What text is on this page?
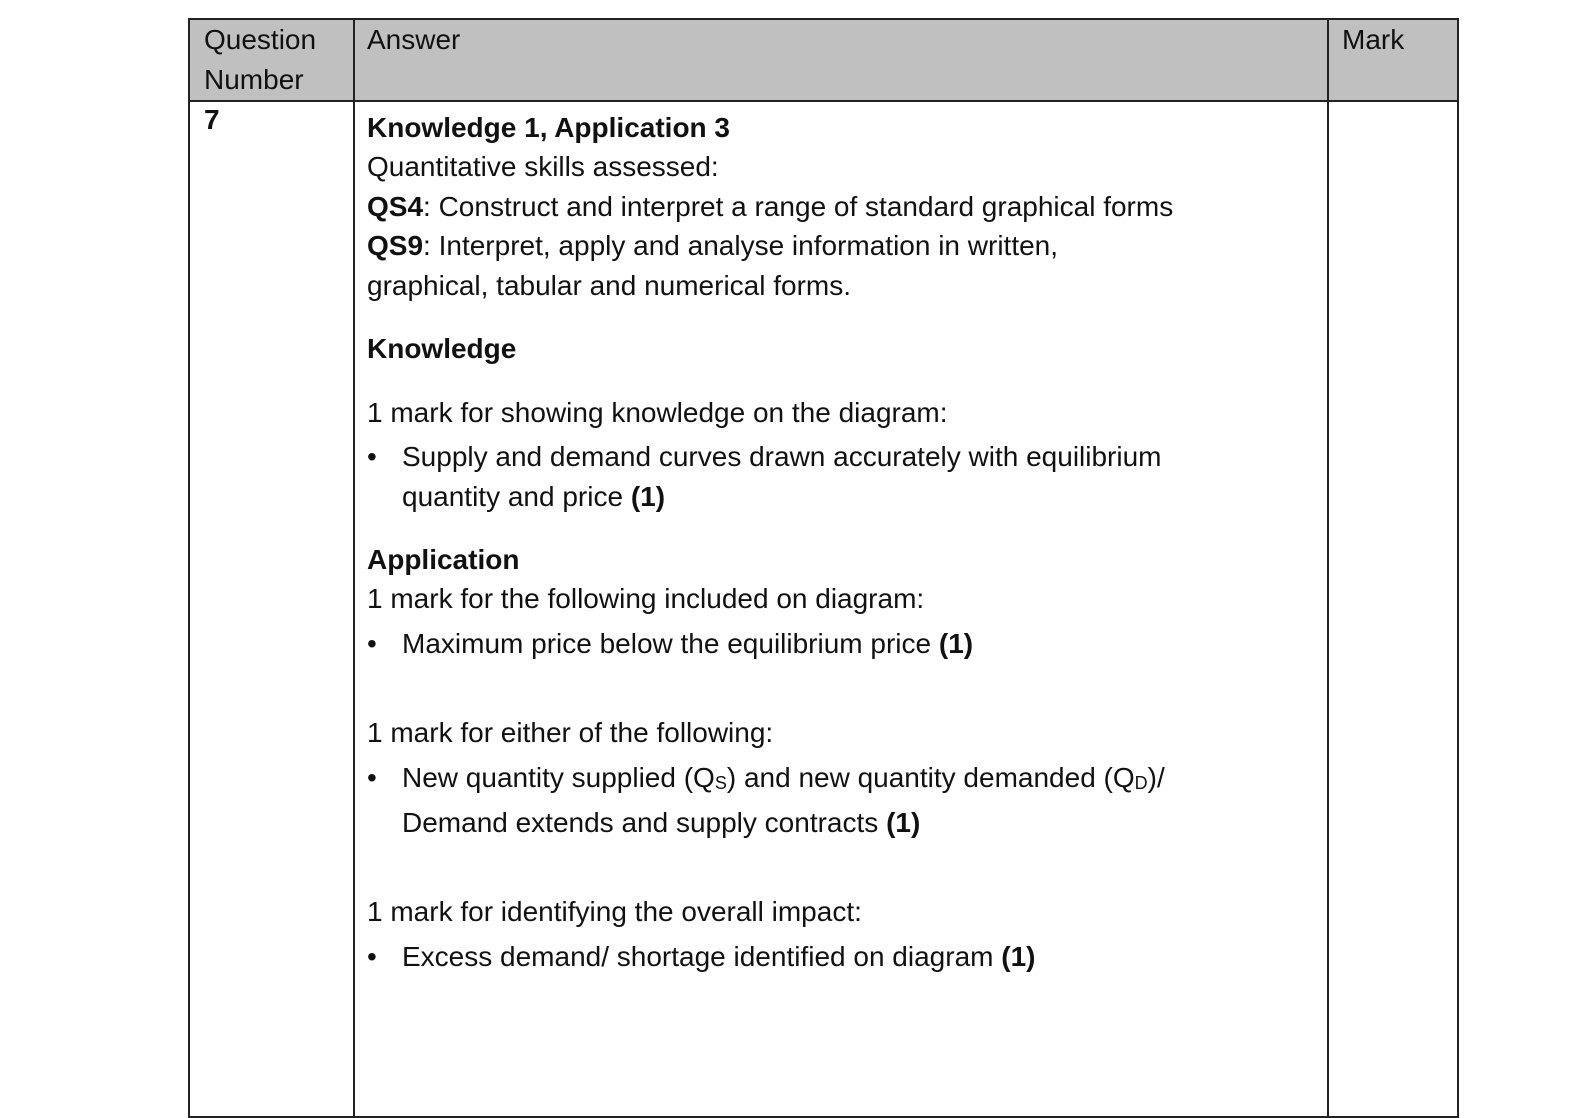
Question
Number
Answer	Mark
7	Knowledge 1, Application 3
Quantitative skills assessed:
QS4: Construct and interpret a range of standard graphical forms
QS9: Interpret, apply and analyse information in written,
graphical, tabular and numerical forms.
Knowledge
1 mark for showing knowledge on the diagram:
• Supply and demand curves drawn accurately with equilibrium
quantity and price (1)
Application
1 mark for the following included on diagram:
• Maximum price below the equilibrium price (1)
1 mark for either of the following:
• New quantity supplied $(Q_S)$ and new quantity demanded $(Q_D)/$
Demand extends and supply contracts (1)
1 mark for identifying the overall impact:
• Excess demand/ shortage identified on diagram (1)
